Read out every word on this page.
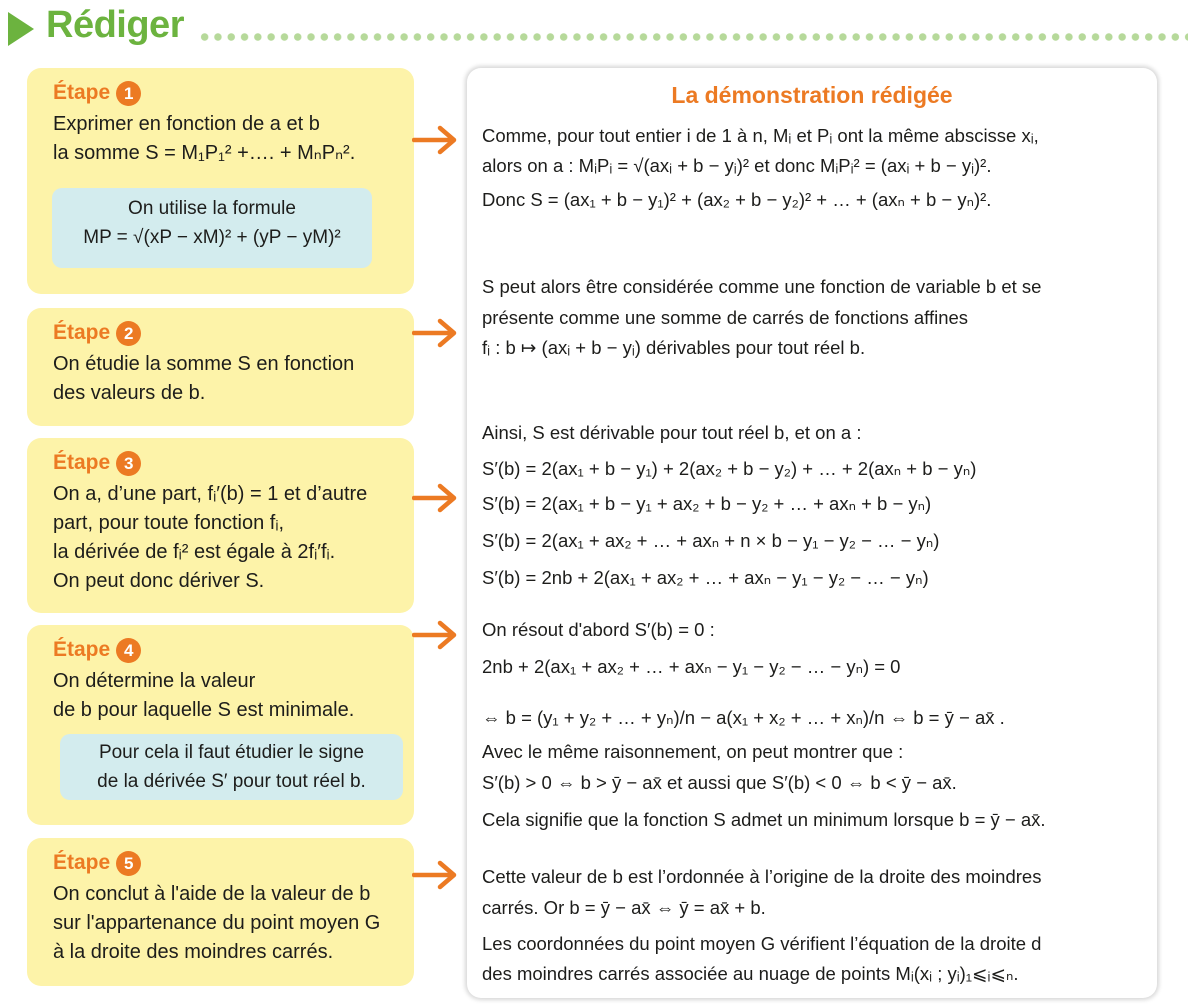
Rédiger
Étape 1
Exprimer en fonction de a et b
la somme S = M₁P₁² +…. + MₙPₙ².
On utilise la formule
MP = √(xP − xM)² + (yP − yM)²
Étape 2
On étudie la somme S en fonction
des valeurs de b.
Étape 3
On a, d’une part, fᵢ′(b) = 1 et d’autre
part, pour toute fonction fᵢ,
la dérivée de fᵢ² est égale à 2fᵢ′fᵢ.
On peut donc dériver S.
Étape 4
On détermine la valeur
de b pour laquelle S est minimale.
Pour cela il faut étudier le signe
de la dérivée S′ pour tout réel b.
Étape 5
On conclut à l'aide de la valeur de b
sur l'appartenance du point moyen G
à la droite des moindres carrés.
La démonstration rédigée
Comme, pour tout entier i de 1 à n, Mᵢ et Pᵢ ont la même abscisse xᵢ,
alors on a : MᵢPᵢ = √(axᵢ + b − yᵢ)² et donc MᵢPᵢ² = (axᵢ + b − yᵢ)².
Donc S = (ax₁ + b − y₁)² + (ax₂ + b − y₂)² + … + (axₙ + b − yₙ)².
S peut alors être considérée comme une fonction de variable b et se
présente comme une somme de carrés de fonctions affines
fᵢ : b ↦ (axᵢ + b − yᵢ) dérivables pour tout réel b.
Ainsi, S est dérivable pour tout réel b, et on a :
S′(b) = 2(ax₁ + b − y₁) + 2(ax₂ + b − y₂) + … + 2(axₙ + b − yₙ)
S′(b) = 2(ax₁ + b − y₁ + ax₂ + b − y₂ + … + axₙ + b − yₙ)
S′(b) = 2(ax₁ + ax₂ + … + axₙ + n × b − y₁ − y₂ − … − yₙ)
S′(b) = 2nb + 2(ax₁ + ax₂ + … + axₙ − y₁ − y₂ − … − yₙ)
On résout d'abord S′(b) = 0 :
2nb + 2(ax₁ + ax₂ + … + axₙ − y₁ − y₂ − … − yₙ) = 0
⇔ b = (y₁ + y₂ + … + yₙ)/n − a(x₁ + x₂ + … + xₙ)/n ⇔ b = ȳ − ax̄ .
Avec le même raisonnement, on peut montrer que :
S′(b) > 0 ⇔ b > ȳ − ax̄ et aussi que S′(b) < 0 ⇔ b < ȳ − ax̄.
Cela signifie que la fonction S admet un minimum lorsque b = ȳ − ax̄.
Cette valeur de b est l’ordonnée à l’origine de la droite des moindres
carrés. Or b = ȳ − ax̄ ⇔ ȳ = ax̄ + b.
Les coordonnées du point moyen G vérifient l’équation de la droite d
des moindres carrés associée au nuage de points Mᵢ(xᵢ ; yᵢ)₁⩽ᵢ⩽ₙ.
